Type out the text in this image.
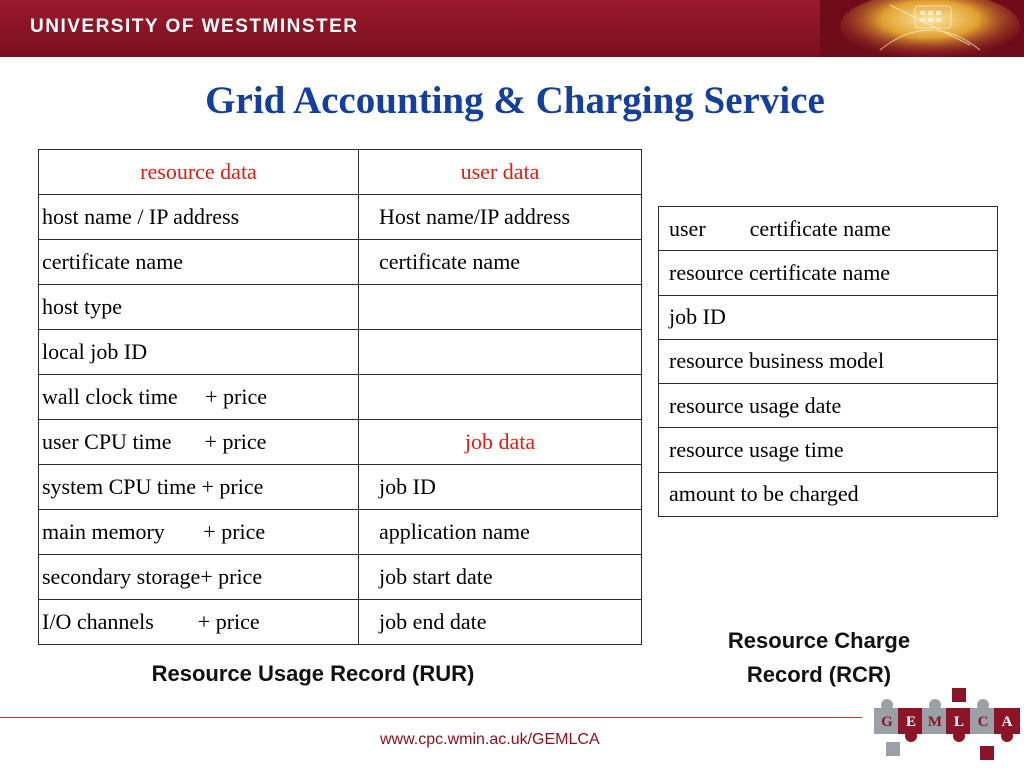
UNIVERSITY OF WESTMINSTER
Grid Accounting & Charging Service
resource data	user data
host name / IP address	Host name/IP address
certificate name	certificate name
host type	
local job ID	
wall clock time     + price	
user CPU time      + price	job data
system CPU time + price	job ID
main memory       + price	application name
secondary storage+ price	job start date
I/O channels        + price	job end date
user        certificate name
resource certificate name
job ID
resource business model
resource usage date
resource usage time
amount to be charged
Resource Usage Record (RUR)
Resource Charge
Record (RCR)
www.cpc.wmin.ac.uk/GEMLCA
G E M L C A
